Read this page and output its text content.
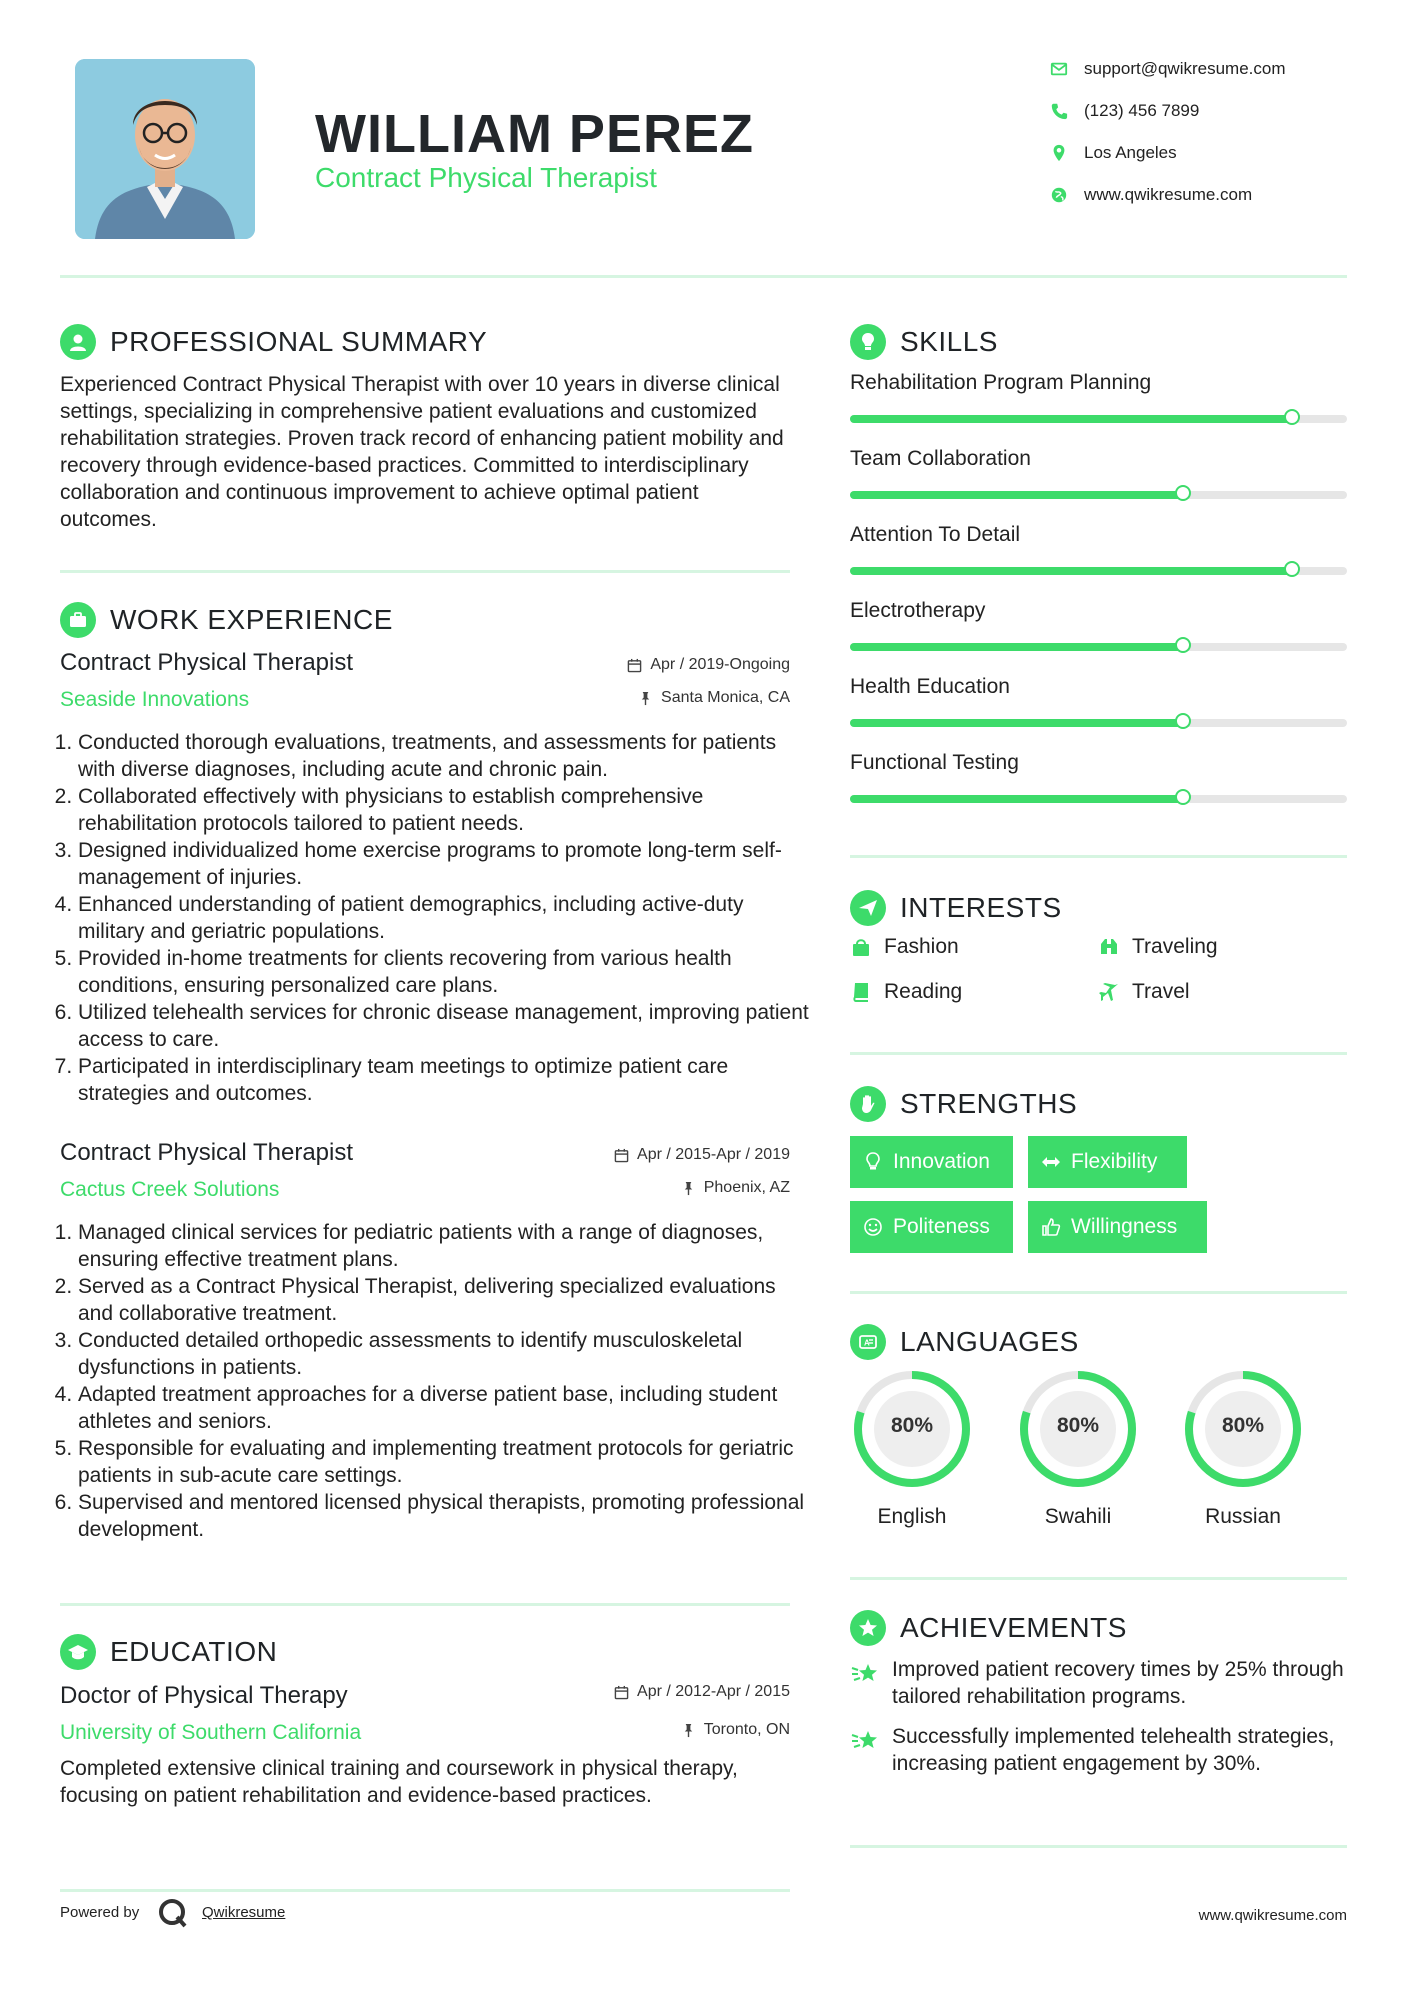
WILLIAM PEREZ
Contract Physical Therapist
support@qwikresume.com
(123) 456 7899
Los Angeles
www.qwikresume.com
PROFESSIONAL SUMMARY
Experienced Contract Physical Therapist with over 10 years in diverse clinical settings, specializing in comprehensive patient evaluations and customized rehabilitation strategies. Proven track record of enhancing patient mobility and recovery through evidence-based practices. Committed to interdisciplinary collaboration and continuous improvement to achieve optimal patient outcomes.
WORK EXPERIENCE
Contract Physical Therapist	Apr / 2019-Ongoing
Seaside Innovations	Santa Monica, CA
1. Conducted thorough evaluations, treatments, and assessments for patients with diverse diagnoses, including acute and chronic pain.
2. Collaborated effectively with physicians to establish comprehensive rehabilitation protocols tailored to patient needs.
3. Designed individualized home exercise programs to promote long-term self-management of injuries.
4. Enhanced understanding of patient demographics, including active-duty military and geriatric populations.
5. Provided in-home treatments for clients recovering from various health conditions, ensuring personalized care plans.
6. Utilized telehealth services for chronic disease management, improving patient access to care.
7. Participated in interdisciplinary team meetings to optimize patient care strategies and outcomes.
Contract Physical Therapist	Apr / 2015-Apr / 2019
Cactus Creek Solutions	Phoenix, AZ
1. Managed clinical services for pediatric patients with a range of diagnoses, ensuring effective treatment plans.
2. Served as a Contract Physical Therapist, delivering specialized evaluations and collaborative treatment.
3. Conducted detailed orthopedic assessments to identify musculoskeletal dysfunctions in patients.
4. Adapted treatment approaches for a diverse patient base, including student athletes and seniors.
5. Responsible for evaluating and implementing treatment protocols for geriatric patients in sub-acute care settings.
6. Supervised and mentored licensed physical therapists, promoting professional development.
EDUCATION
Doctor of Physical Therapy	Apr / 2012-Apr / 2015
University of Southern California	Toronto, ON
Completed extensive clinical training and coursework in physical therapy, focusing on patient rehabilitation and evidence-based practices.
SKILLS
Rehabilitation Program Planning
Team Collaboration
Attention To Detail
Electrotherapy
Health Education
Functional Testing
INTERESTS
Fashion	Traveling
Reading	Travel
STRENGTHS
Innovation	Flexibility
Politeness	Willingness
A LANGUAGES
80%
English
80%
Swahili
80%
Russian
ACHIEVEMENTS
Improved patient recovery times by 25% through tailored rehabilitation programs.
Successfully implemented telehealth strategies, increasing patient engagement by 30%.
Powered by	Qwikresume	www.qwikresume.com
